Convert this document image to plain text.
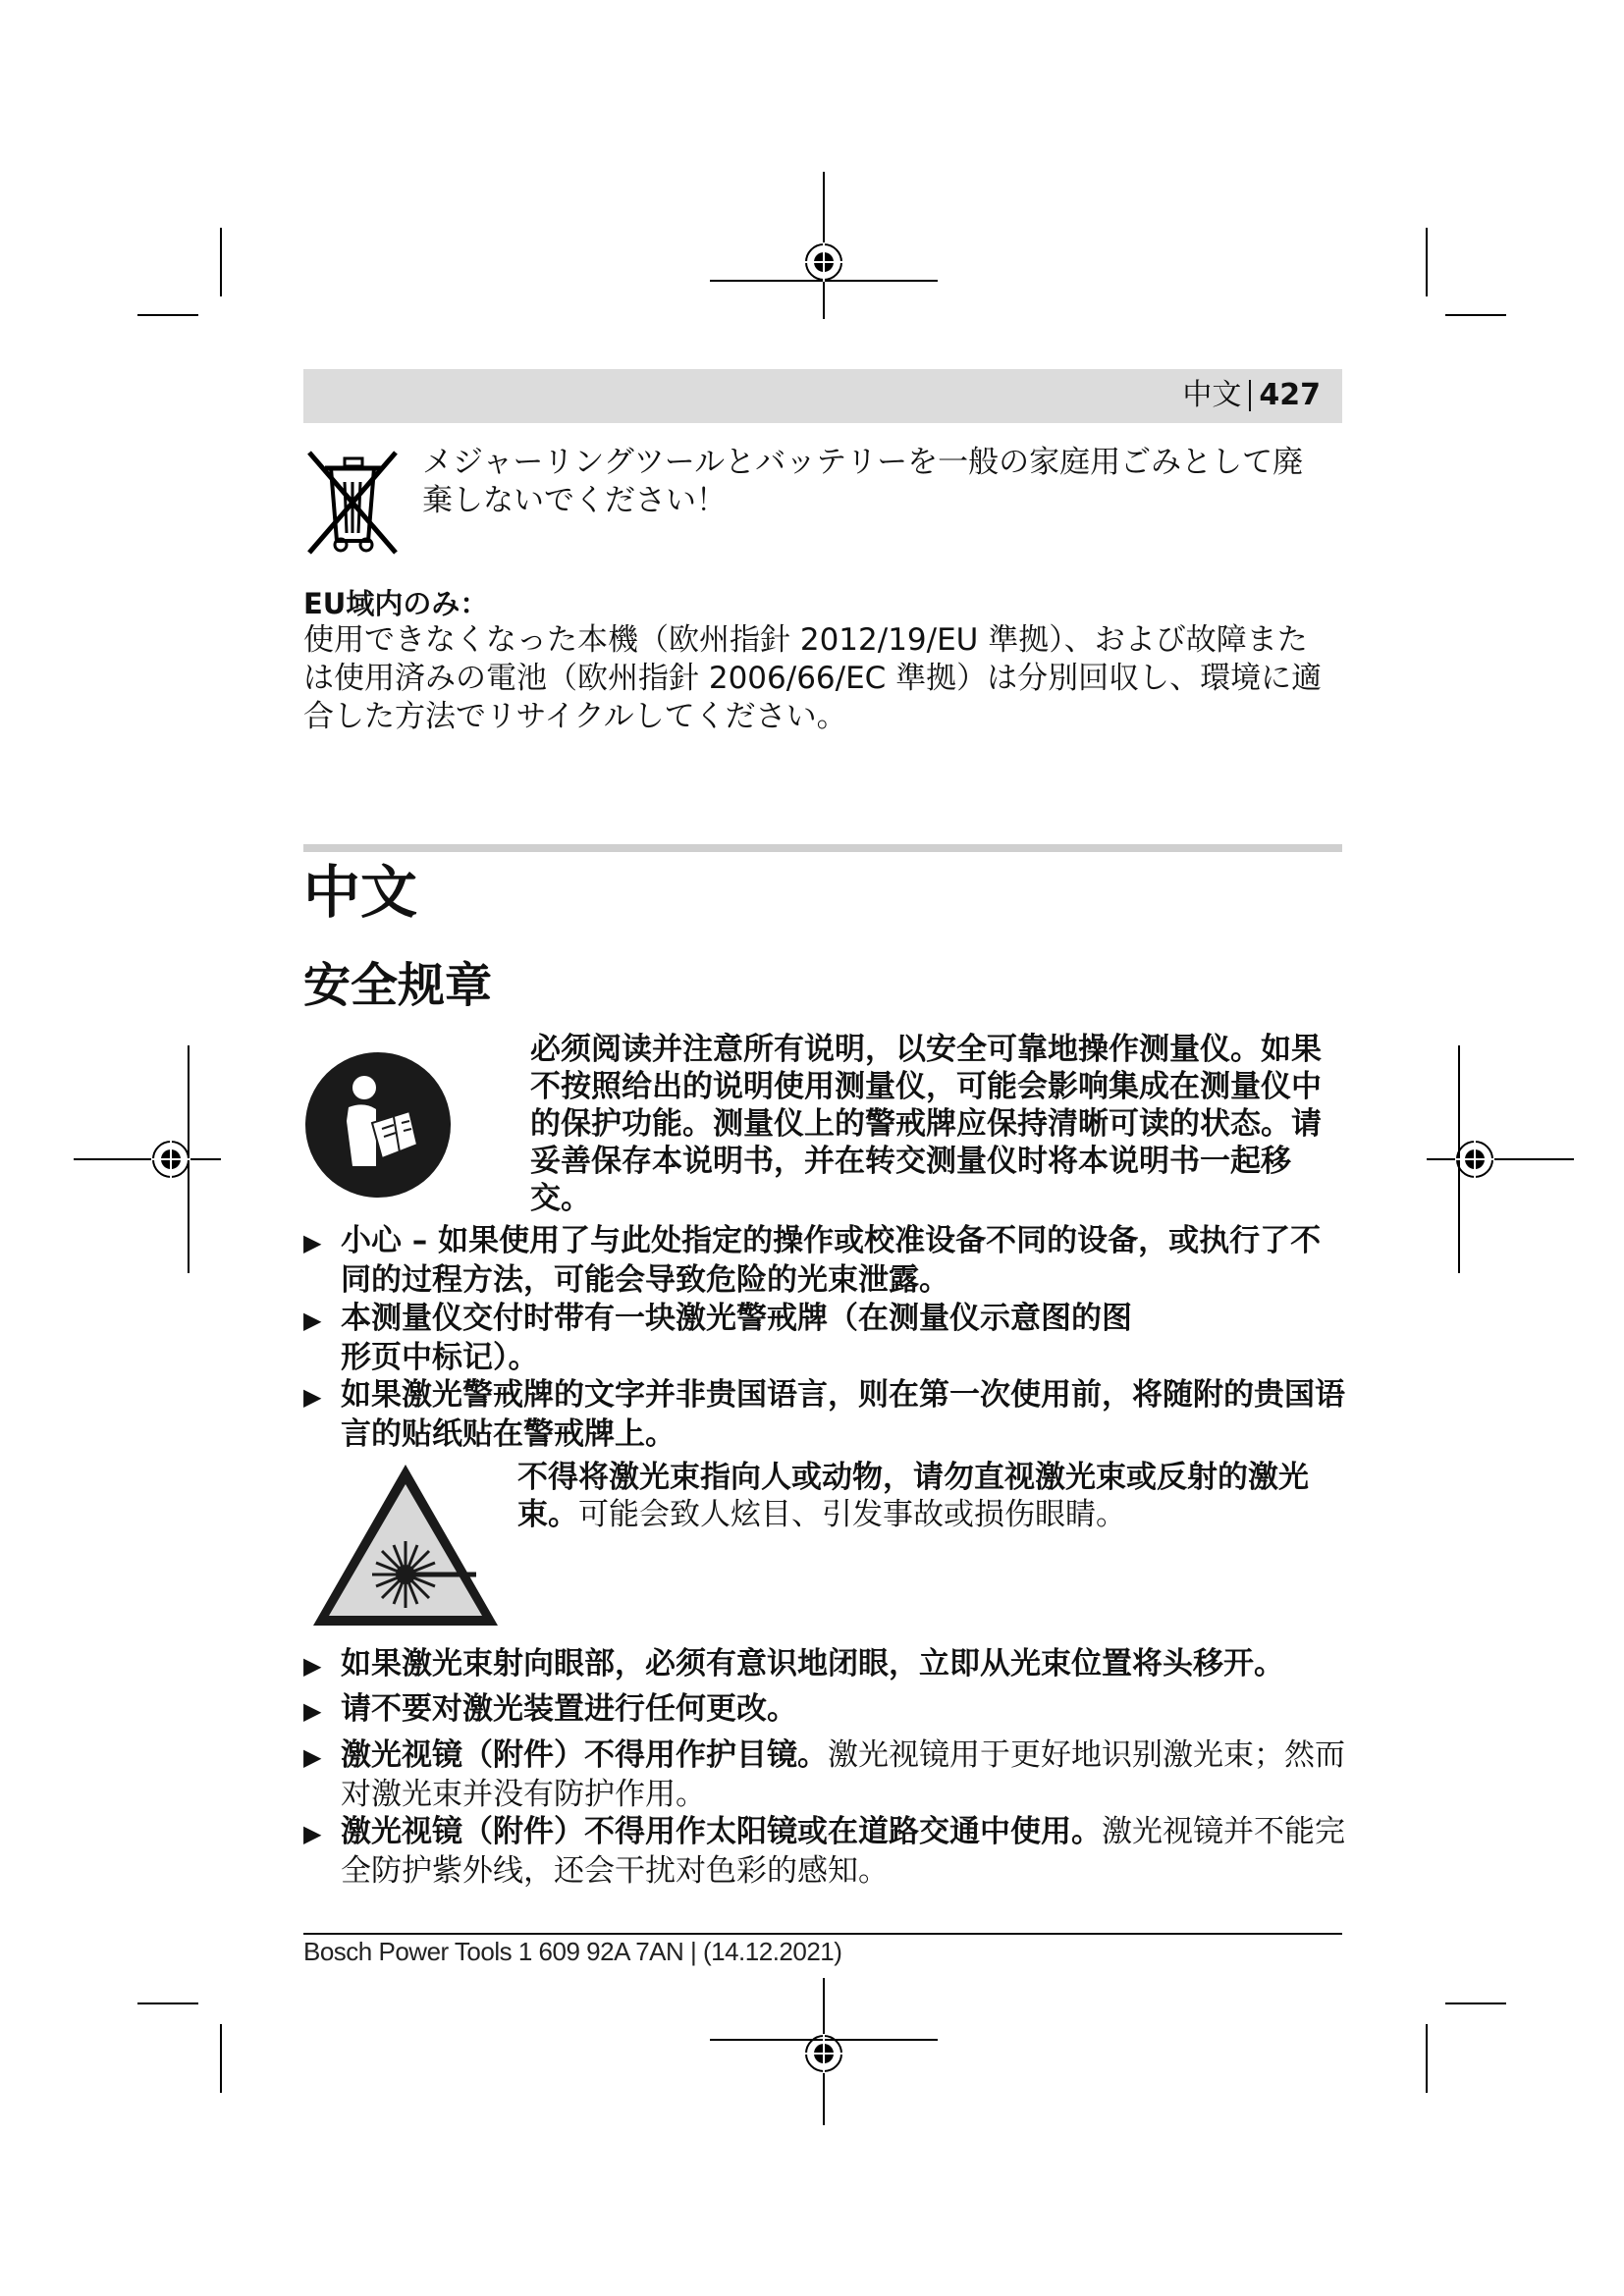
中文 427
メジャーリングツールとバッテリーを一般の家庭用ごみとして廃棄しないでください！
EU域内のみ：
使用できなくなった本機（欧州指針 2012/19/EU 準拠）、および故障または使用済みの電池（欧州指針 2006/66/EC 準拠）は分別回収し、環境に適合した方法でリサイクルしてください。
中文
安全规章
必须阅读并注意所有说明，以安全可靠地操作测量仪。如果不按照给出的说明使用测量仪，可能会影响集成在测量仪中的保护功能。测量仪上的警戒牌应保持清晰可读的状态。请妥善保存本说明书，并在转交测量仪时将本说明书一起移交。
▶ 小心 – 如果使用了与此处指定的操作或校准设备不同的设备，或执行了不同的过程方法，可能会导致危险的光束泄露。
▶ 本测量仪交付时带有一块激光警戒牌（在测量仪示意图的图形页中标记）。
▶ 如果激光警戒牌的文字并非贵国语言，则在第一次使用前，将随附的贵国语言的贴纸贴在警戒牌上。
不得将激光束指向人或动物，请勿直视激光束或反射的激光束。可能会致人炫目、引发事故或损伤眼睛。
▶ 如果激光束射向眼部，必须有意识地闭眼，立即从光束位置将头移开。
▶ 请不要对激光装置进行任何更改。
▶ 激光视镜（附件）不得用作护目镜。激光视镜用于更好地识别激光束；然而对激光束并没有防护作用。
▶ 激光视镜（附件）不得用作太阳镜或在道路交通中使用。激光视镜并不能完全防护紫外线，还会干扰对色彩的感知。
Bosch Power Tools 1 609 92A 7AN | (14.12.2021)
